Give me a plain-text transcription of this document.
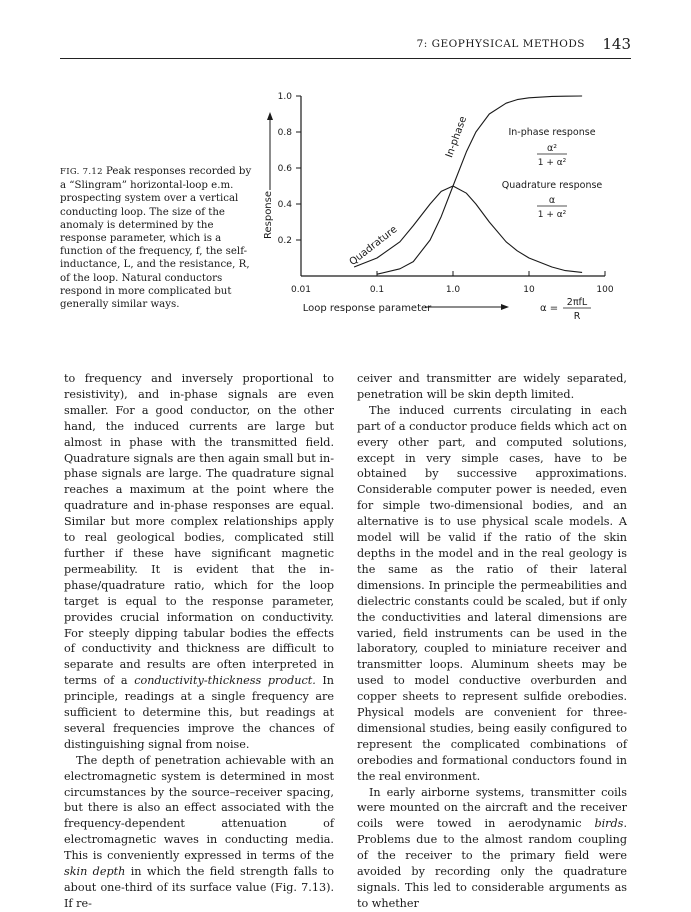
7: GEOPHYSICAL METHODS 143
FIG. 7.12 Peak responses recorded by a “Slingram” horizontal-loop e.m. prospecting system over a vertical conducting loop. The size of the anomaly is determined by the response parameter, which is a function of the frequency, f, the self-inductance, L, and the resistance, R, of the loop. Natural conductors respond in more complicated but generally similar ways.
0.01	0.1	1.0	10	100
1.0
0.8
0.6
0.4
0.2
Response
Loop response parameter	α =
2πfL
R
In-phase response
α²
1 + α²
Quadrature response
α
1 + α²
In-phase
Quadrature

to frequency and inversely proportional to resistivity), and in-phase signals are even smaller. For a good conductor, on the other hand, the induced currents are large but almost in phase with the transmitted field. Quadrature signals are then again small but in-phase signals are large. The quadrature signal reaches a maximum at the point where the quadrature and in-phase responses are equal. Similar but more complex relationships apply to real geological bodies, complicated still further if these have significant magnetic permeability. It is evident that the in-phase/quadrature ratio, which for the loop target is equal to the response parameter, provides crucial information on conductivity. For steeply dipping tabular bodies the effects of conductivity and thickness are difficult to separate and results are often interpreted in terms of a conductivity-thickness product. In principle, readings at a single frequency are sufficient to determine this, but readings at several frequencies improve the chances of distinguishing signal from noise.

The depth of penetration achievable with an electromagnetic system is determined in most circumstances by the source–receiver spacing, but there is also an effect associated with the frequency-dependent attenuation of electromagnetic waves in conducting media. This is conveniently expressed in terms of the skin depth in which the field strength falls to about one-third of its surface value (Fig. 7.13). If re-

ceiver and transmitter are widely separated, penetration will be skin depth limited.

The induced currents circulating in each part of a conductor produce fields which act on every other part, and computed solutions, except in very simple cases, have to be obtained by successive approximations. Considerable computer power is needed, even for simple two-dimensional bodies, and an alternative is to use physical scale models. A model will be valid if the ratio of the skin depths in the model and in the real geology is the same as the ratio of their lateral dimensions. In principle the permeabilities and dielectric constants could be scaled, but if only the conductivities and lateral dimensions are varied, field instruments can be used in the laboratory, coupled to miniature receiver and transmitter loops. Aluminum sheets may be used to model conductive overburden and copper sheets to represent sulfide orebodies. Physical models are convenient for three-dimensional studies, being easily configured to represent the complicated combinations of orebodies and formational conductors found in the real environment.

In early airborne systems, transmitter coils were mounted on the aircraft and the receiver coils were towed in aerodynamic birds. Problems due to the almost random coupling of the receiver to the primary field were avoided by recording only the quadrature signals. This led to considerable arguments as to whether
